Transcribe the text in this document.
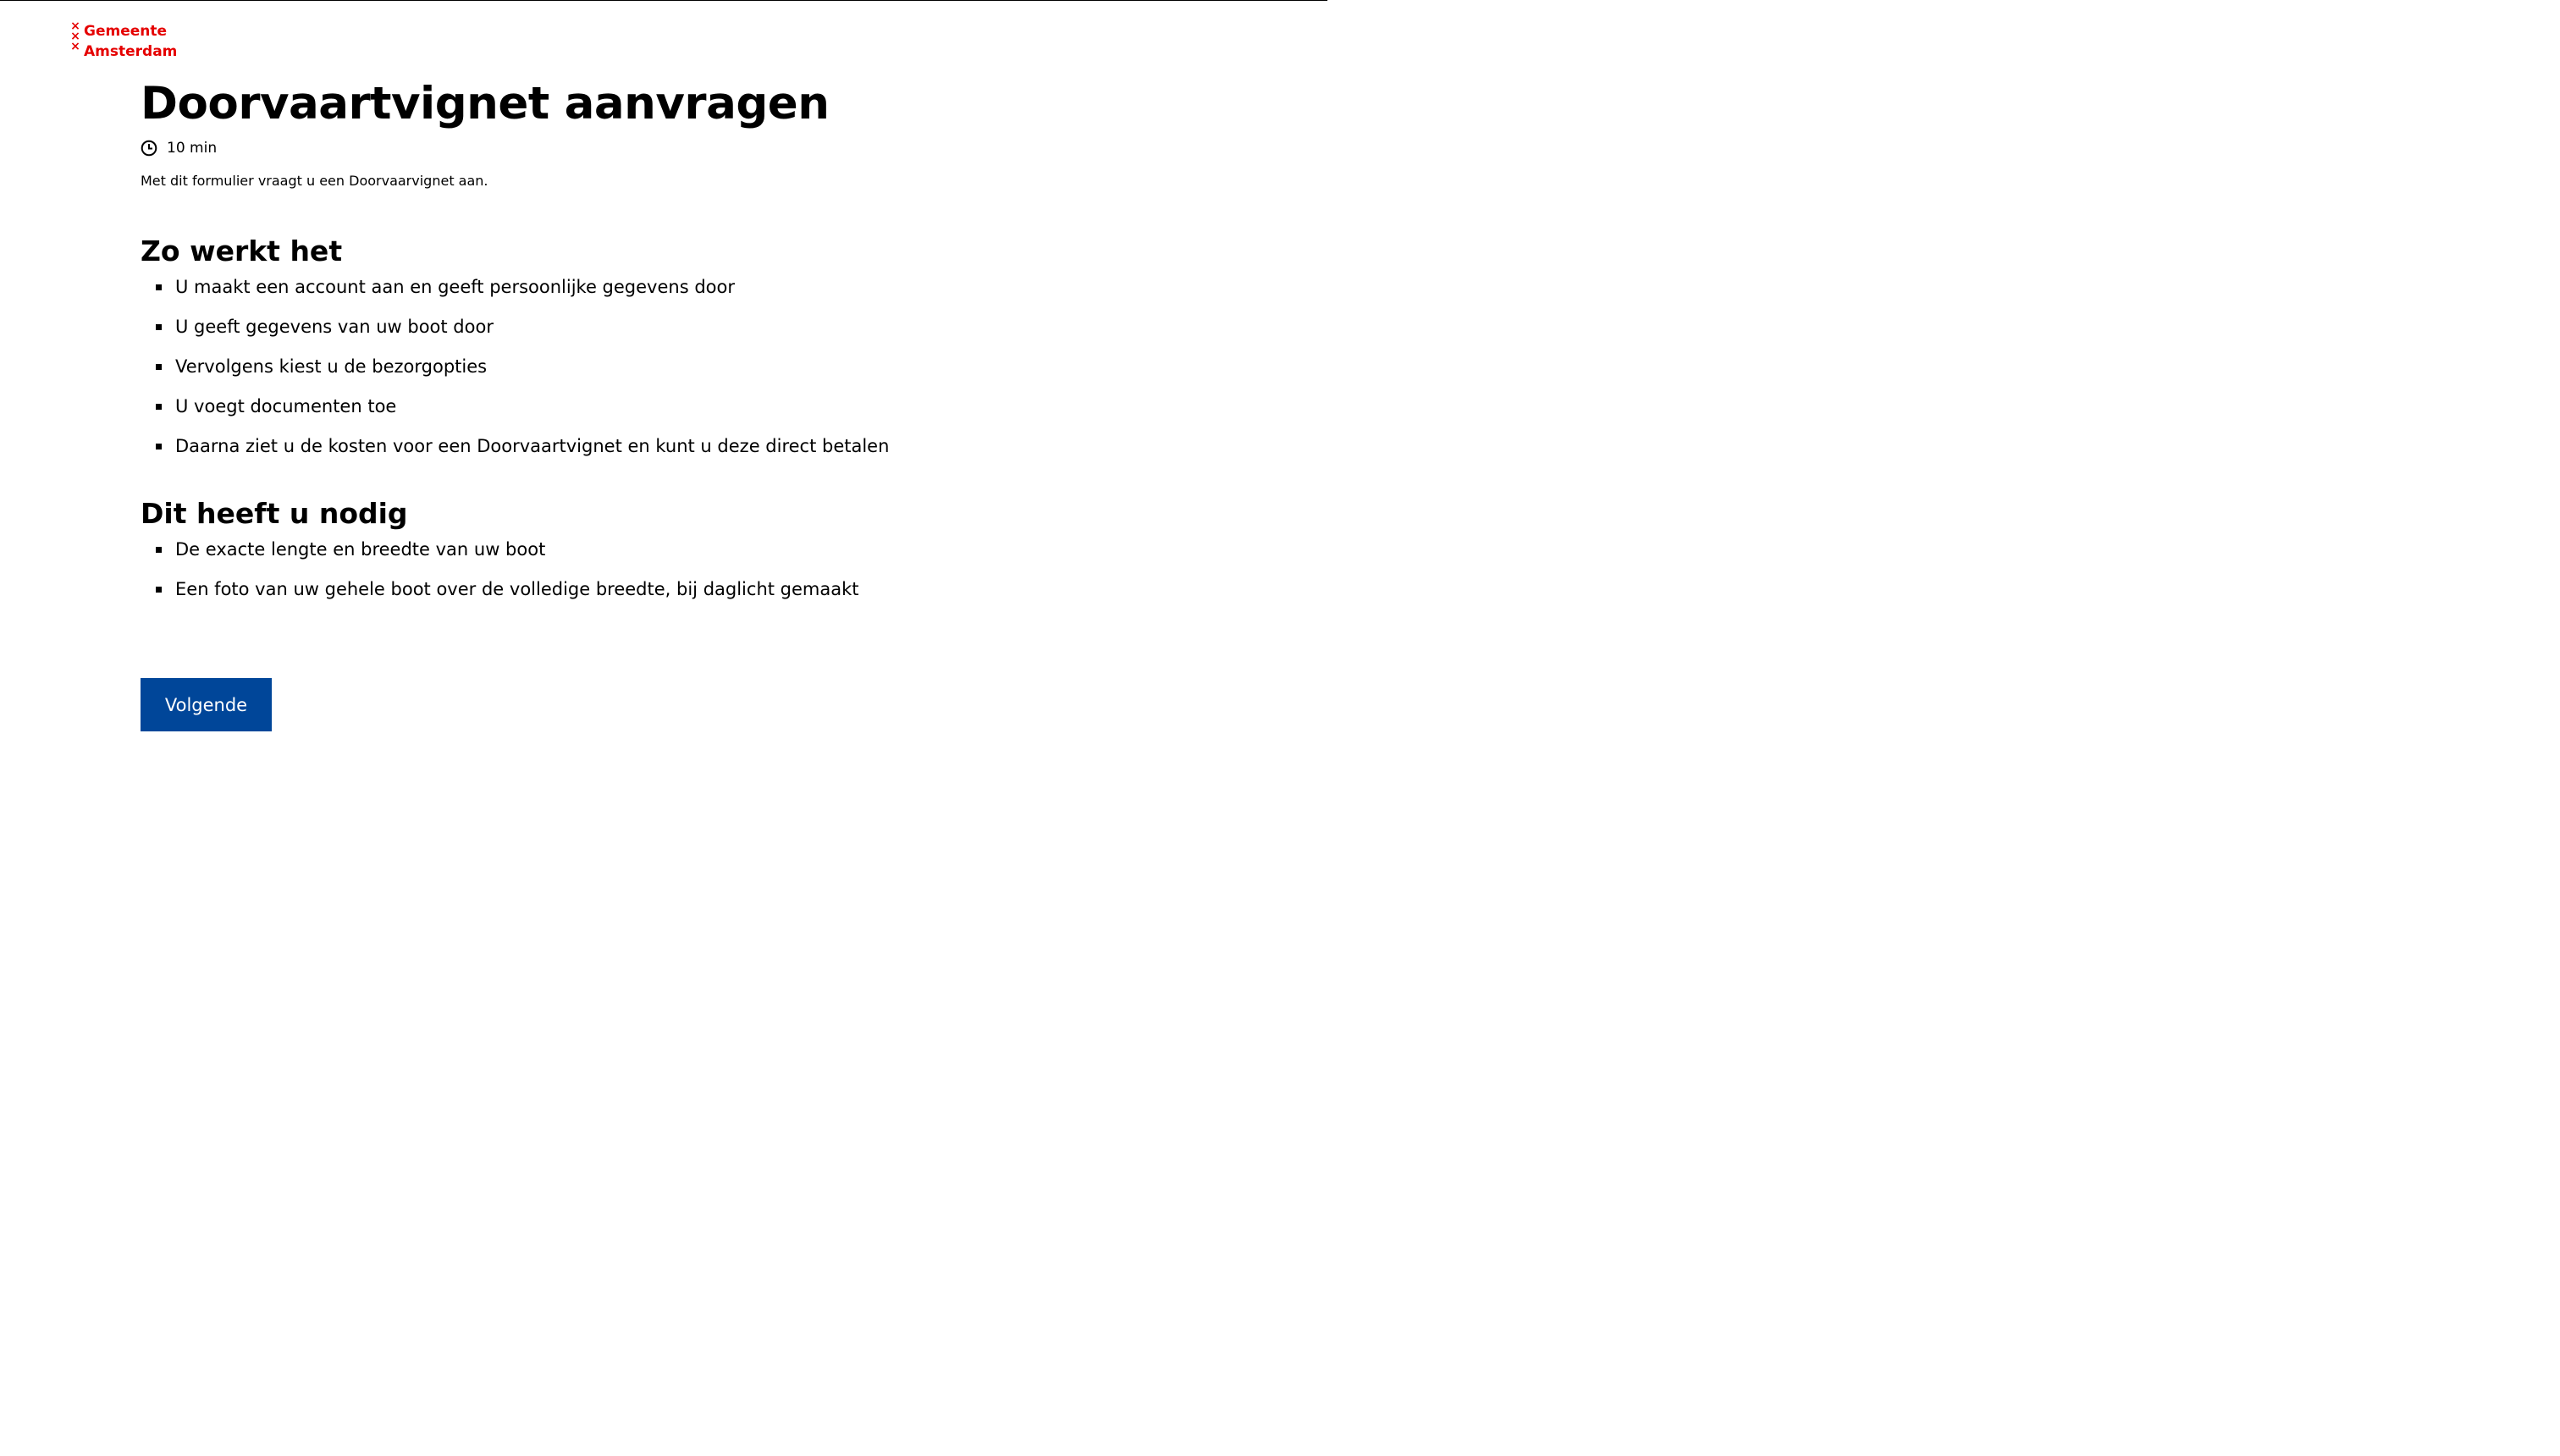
×
×
×
Gemeente
Amsterdam
Doorvaartvignet aanvragen
10 min

Met dit formulier vraagt u een Doorvaarvignet aan.

Zo werkt het
U maakt een account aan en geeft persoonlijke gegevens door
U geeft gegevens van uw boot door
Vervolgens kiest u de bezorgopties
U voegt documenten toe
Daarna ziet u de kosten voor een Doorvaartvignet en kunt u deze direct betalen
Dit heeft u nodig
De exacte lengte en breedte van uw boot
Een foto van uw gehele boot over de volledige breedte, bij daglicht gemaakt
Volgende
